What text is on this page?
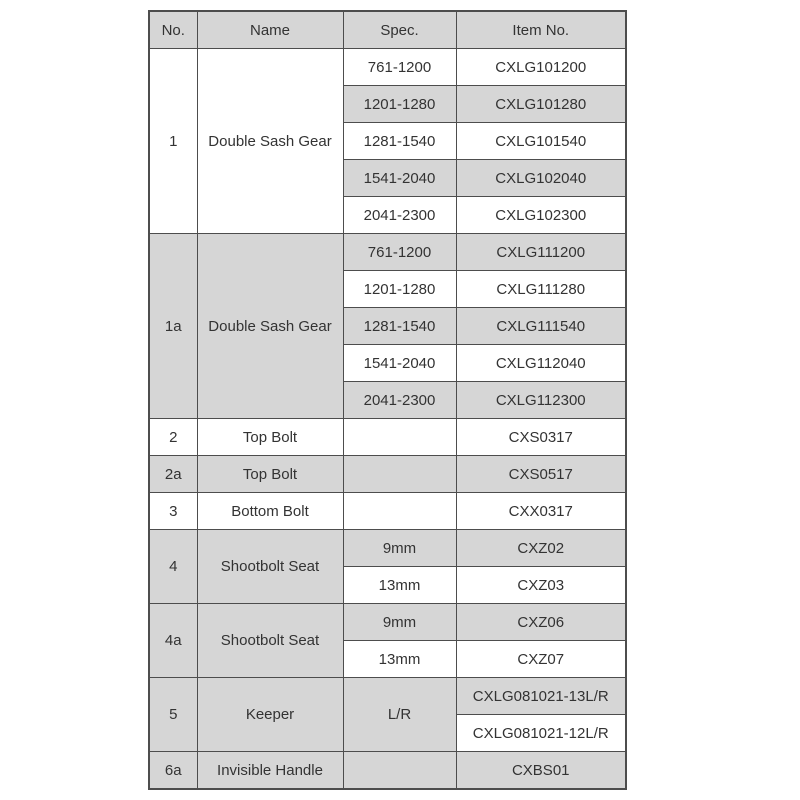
No.	Name	Spec.	Item No.
1	Double Sash Gear	761-1200	CXLG101200
		1201-1280	CXLG101280
		1281-1540	CXLG101540
		1541-2040	CXLG102040
		2041-2300	CXLG102300
1a	Double Sash Gear	761-1200	CXLG111200
		1201-1280	CXLG111280
		1281-1540	CXLG111540
		1541-2040	CXLG112040
		2041-2300	CXLG112300
2	Top Bolt		CXS0317
2a	Top Bolt		CXS0517
3	Bottom Bolt		CXX0317
4	Shootbolt Seat	9mm	CXZ02
		13mm	CXZ03
4a	Shootbolt Seat	9mm	CXZ06
		13mm	CXZ07
5	Keeper	L/R	CXLG081021-13L/R
			CXLG081021-12L/R
6a	Invisible Handle		CXBS01
